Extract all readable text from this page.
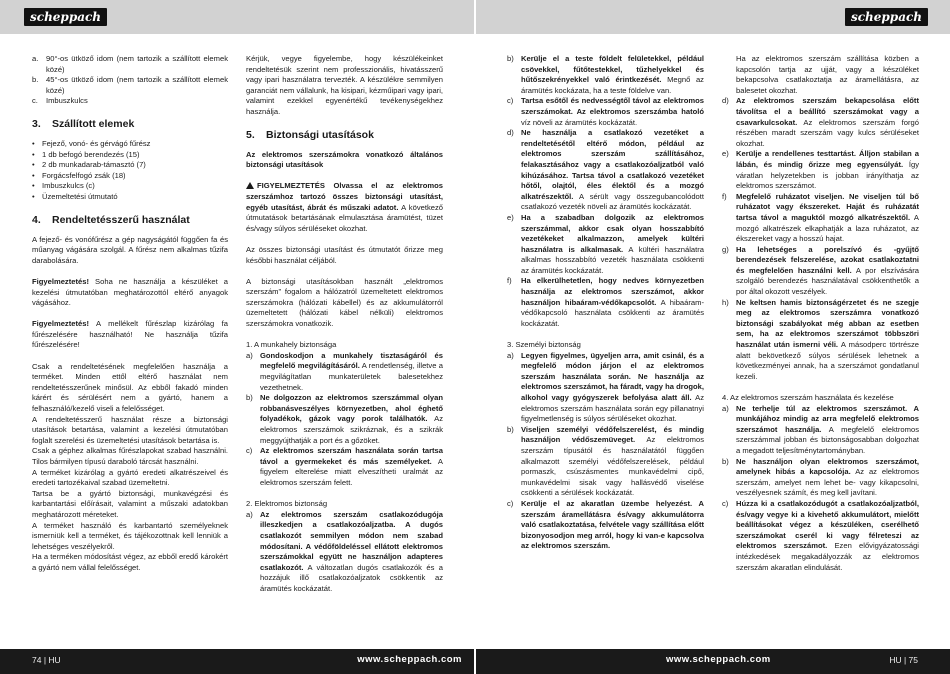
scheppach	scheppach
a.	90°-os ütköző idom (nem tartozik a szállított elemek közé)
b.	45°-os ütköző idom (nem tartozik a szállított elemek közé)
c.	Imbuszkulcs
3. Szállított elemek
• Fejező, vonó- és gérvágó fűrész
• 1 db befogó berendezés (15)
• 2 db munkadarab-támasztó (7)
• Forgácsfelfogó zsák (18)
• Imbuszkulcs (c)
• Üzemeltetési útmutató
4. Rendeltetésszerű használat

A fejező- és vonófűrész a gép nagyságától függően fa és műanyag vágására szolgál. A fűrész nem alkalmas tűzifa darabolására.

Figyelmeztetés! Soha ne használja a készüléket a kezelési útmutatóban meghatározottól eltérő anyagok vágásához.

Figyelmeztetés! A mellékelt fűrészlap kizárólag fa fűrészelésére használható! Ne használja tűzifa fűrészelésére!

Csak a rendeltetésének megfelelően használja a terméket. Minden ettől eltérő használat nem rendeltetésszerűnek minősül. Az ebből fakadó minden kárért és sérülésért nem a gyártó, hanem a felhasználó/kezelő viseli a felelősséget.

A rendeltetésszerű használat része a biztonsági utasítások betartása, valamint a kezelési útmutatóban foglalt szerelési és üzemeltetési utasítások betartása is.

Csak a géphez alkalmas fűrészlapokat szabad használni. Tilos bármilyen típusú daraboló tárcsát használni.

A terméket kizárólag a gyártó eredeti alkatrészeivel és eredeti tartozékaival szabad üzemeltetni.

Tartsa be a gyártó biztonsági, munkavégzési és karbantartási előírásait, valamint a műszaki adatokban meghatározott méreteket.

A terméket használó és karbantartó személyeknek ismerniük kell a terméket, és tájékozottnak kell lenniük a lehetséges veszélyekről.

Ha a terméken módosítást végez, az ebből eredő károkért a gyártó nem vállal felelősséget.

Kérjük, vegye figyelembe, hogy készülékeinket rendeltetésük szerint nem professzionális, hivatásszerű vagy ipari használatra tervezték. A készülékre semmilyen garanciát nem vállalunk, ha kisipari, kézműipari vagy ipari, valamint ezekkel egyenértékű tevékenységekhez használja.

5. Biztonsági utasítások

Az elektromos szerszámokra vonatkozó általános biztonsági utasítások

FIGYELMEZTETÉS Olvassa el az elektromos szerszámhoz tartozó összes biztonsági utasítást, egyéb utasítást, ábrát és műszaki adatot. A következő útmutatások betartásának elmulasztása áramütést, tüzet és/vagy súlyos sérüléseket okozhat.

Az összes biztonsági utasítást és útmutatót őrizze meg későbbi használat céljából.

A biztonsági utasításokban használt „elektromos szerszám” fogalom a hálózatról üzemeltetett elektromos szerszámokra (hálózati kábellel) és az akkumulátorról üzemeltetett (hálózati kábel nélküli) elektromos szerszámokra vonatkozik.

1. A munkahely biztonsága

a) Gondoskodjon a munkahely tisztaságáról és megfelelő megvilágításáról. A rendetlenség, illetve a megvilágítatlan munkaterületek balesetekhez vezethetnek.
b) Ne dolgozzon az elektromos szerszámmal olyan robbanásveszélyes környezetben, ahol éghető folyadékok, gázok vagy porok találhatók. Az elektromos szerszámok szikráznak, és a szikrák meggyújthatják a port és a gőzöket.
c)	Az elektromos szerszám használata során tartsa távol a gyermekeket és más személyeket. A figyelem elterelése miatt elveszítheti uralmát az elektromos szerszám felett.

2. Elektromos biztonság

a) Az elektromos szerszám csatlakozódugója illeszkedjen a csatlakozóaljzatba. A dugós csatlakozót semmilyen módon nem szabad módosítani. A védőföldeléssel ellátott elektromos szerszámokkal együtt ne használjon adapteres csatlakozót. A változatlan dugós csatlakozók és a hozzájuk illő csatlakozóaljzatok csökkentik az áramütés kockázatát.
b) Kerülje el a teste földelt felületekkel, például csövekkel, fűtőtestekkel, tűzhelyekkel és hűtőszekrényekkel való érintkezését. Megnő az áramütés kockázata, ha a teste földelve van.
c)	Tartsa esőtől és nedvességtől távol az elektromos szerszámokat. Az elektromos szerszámba hatoló víz növeli az áramütés kockázatát.
d) Ne használja a csatlakozó vezetéket a rendeltetésétől eltérő módon, például az elektromos szerszám szállításához, felakasztásához vagy a csatlakozóaljzatból való kihúzásához. Tartsa távol a csatlakozó vezetéket hőtől, olajtól, éles élektől és a mozgó alkatrészektől. A sérült vagy összegubancolódott csatlakozó vezeték növeli az áramütés kockázatát.
e) Ha a szabadban dolgozik az elektromos szerszámmal, akkor csak olyan hosszabbító vezetékeket alkalmazzon, amelyek kültéri használatra is alkalmasak. A kültéri használatra alkalmas hosszabbító vezeték használata csökkenti az áramütés kockázatát.
f)	Ha elkerülhetetlen, hogy nedves környezetben használja az elektromos szerszámot, akkor használjon hibaáram-védőkapcsolót. A hibaáram-védőkapcsoló használata csökkenti az áramütés kockázatát.

3. Személyi biztonság

a) Legyen figyelmes, ügyeljen arra, amit csinál, és a megfelelő módon járjon el az elektromos szerszám használata során. Ne használja az elektromos szerszámot, ha fáradt, vagy ha drogok, alkohol vagy gyógyszerek befolyása alatt áll. Az elektromos szerszám használata során egy pillanatnyi figyelmetlenség is súlyos sérüléseket okozhat.
b) Viseljen személyi védőfelszerelést, és mindig használjon védőszemüveget. Az elektromos szerszám típusától és használatától függően alkalmazott személyi védőfelszerelések, például pormaszk, csúszásmentes munkavédelmi cipő, munkavédelmi sisak vagy hallásvédő viselése csökkenti a sérülések kockázatát.
c)	Kerülje el az akaratlan üzembe helyezést. A szerszám áramellátásra és/vagy akkumulátorra való csatlakoztatása, felvétele vagy szállítása előtt bizonyosodjon meg arról, hogy ki van-e kapcsolva az elektromos szerszám.
Ha az elektromos szerszám szállítása közben a kapcsolón tartja az ujját, vagy a készüléket bekapcsolva csatlakoztatja az áramellátásra, az balesetet okozhat.
d) Az elektromos szerszám bekapcsolása előtt távolítsa el a beállító szerszámokat vagy a csavarkulcsokat. Az elektromos szerszám forgó részében maradt szerszám vagy kulcs sérüléseket okozhat.
e) Kerülje a rendellenes testtartást. Álljon stabilan a lábán, és mindig őrizze meg egyensúlyát. Így váratlan helyzetekben is jobban irányíthatja az elektromos szerszámot.
f)	Megfelelő ruházatot viseljen. Ne viseljen túl bő ruházatot vagy ékszereket. Haját és ruházatát tartsa távol a maguktól mozgó alkatrészektől. A mozgó alkatrészek elkaphatják a laza ruházatot, az ékszereket vagy a hosszú hajat.
g) Ha lehetséges a porelszívó és -gyűjtő berendezések felszerelése, azokat csatlakoztatni és megfelelően használni kell. A por elszívására szolgáló berendezés használatával csökkenthetők a por által okozott veszélyek.
h) Ne keltsen hamis biztonságérzetet és ne szegje meg az elektromos szerszámra vonatkozó biztonsági szabályokat még abban az esetben sem, ha az elektromos szerszámot többszöri használat után ismerni véli. A másodperc törtrésze alatt bekövetkező súlyos sérülések lehetnek a következményei annak, ha a szerszámot gondatlanul kezeli.

4. Az elektromos szerszám használata és kezelése

a) Ne terhelje túl az elektromos szerszámot. A munkájához mindig az arra megfelelő elektromos szerszámot használja. A megfelelő elektromos szerszámmal jobban és biztonságosabban dolgozhat a megadott teljesítménytartományban.
b) Ne használjon olyan elektromos szerszámot, amelynek hibás a kapcsolója. Az az elektromos szerszám, amelyet nem lehet be- vagy kikapcsolni, veszélyesnek számít, és meg kell javítani.
c)	Húzza ki a csatlakozódugót a csatlakozóaljzatból, és/vagy vegye ki a kivehető akkumulátort, mielőtt beállításokat végez a készüléken, cserélhető szerszámokat cserél ki vagy félreteszi az elektromos szerszámot. Ezen elővigyázatossági intézkedések megakadályozzák az elektromos szerszám akaratlan elindulását.
74 | HU	www.scheppach.com	www.scheppach.com	HU | 75
